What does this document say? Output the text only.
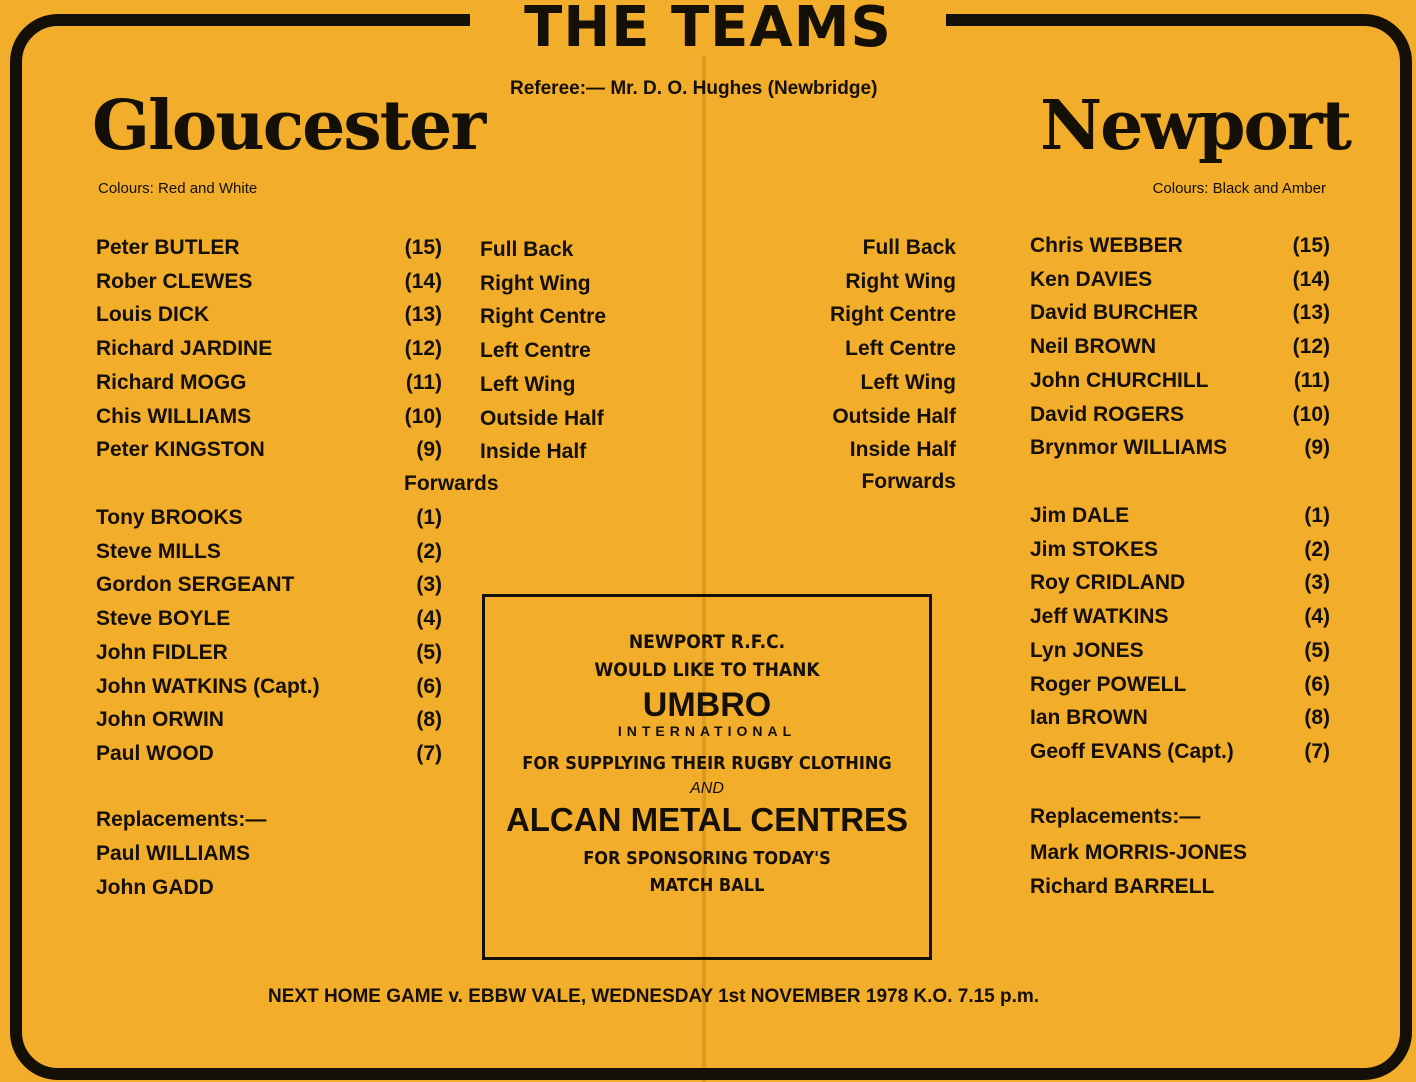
THE TEAMS
Referee:— Mr. D. O. Hughes (Newbridge)
Gloucester
Colours: Red and White
Peter BUTLER	(15) Full Back
Rober CLEWES	(14) Right Wing
Louis DICK	(13) Right Centre
Richard JARDINE	(12) Left Centre
Richard MOGG	(11) Left Wing
Chis WILLIAMS	(10) Outside Half
Peter KINGSTON	(9) Inside Half
Forwards
Tony BROOKS	(1)
Steve MILLS	(2)
Gordon SERGEANT	(3)
Steve BOYLE	(4)
John FIDLER	(5)
John WATKINS (Capt.)	(6)
John ORWIN	(8)
Paul WOOD	(7)
Replacements:—
Paul WILLIAMS
John GADD
Newport
Colours: Black and Amber
Full Back	Chris WEBBER	(15)
Right Wing	Ken DAVIES	(14)
Right Centre	David BURCHER	(13)
Left Centre	Neil BROWN	(12)
Left Wing	John CHURCHILL	(11)
Outside Half	David ROGERS	(10)
Inside Half	Brynmor WILLIAMS	(9)
Forwards
Jim DALE	(1)
Jim STOKES	(2)
Roy CRIDLAND	(3)
Jeff WATKINS	(4)
Lyn JONES	(5)
Roger POWELL	(6)
Ian BROWN	(8)
Geoff EVANS (Capt.)	(7)
Replacements:—
Mark MORRIS-JONES
Richard BARRELL
NEWPORT R.F.C.
WOULD LIKE TO THANK
UMBRO
INTERNATIONAL
FOR SUPPLYING THEIR RUGBY CLOTHING
AND
ALCAN METAL CENTRES
FOR SPONSORING TODAY'S
MATCH BALL
NEXT HOME GAME v. EBBW VALE, WEDNESDAY 1st NOVEMBER 1978 K.O. 7.15 p.m.
